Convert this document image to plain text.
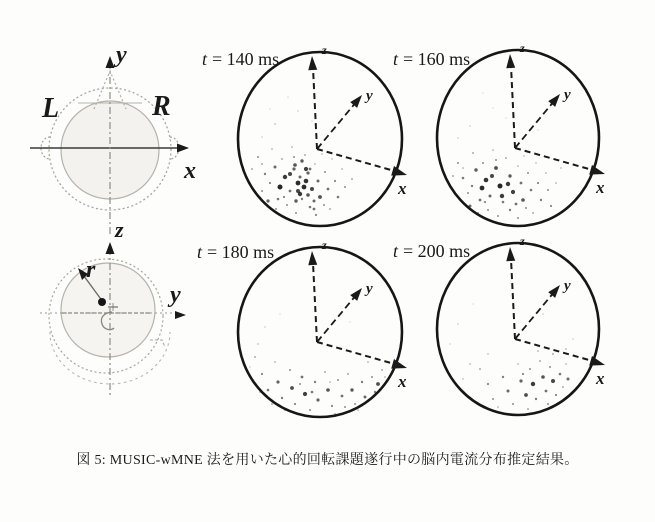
y
x
L	R
z
y
r
z
y
x
t = 140 ms
z
y
x
t = 160 ms
z
y
x
t = 180 ms
z
y
x
t = 200 ms
図 5: MUSIC-wMNE 法を用いた心的回転課題遂行中の脳内電流分布推定結果。
